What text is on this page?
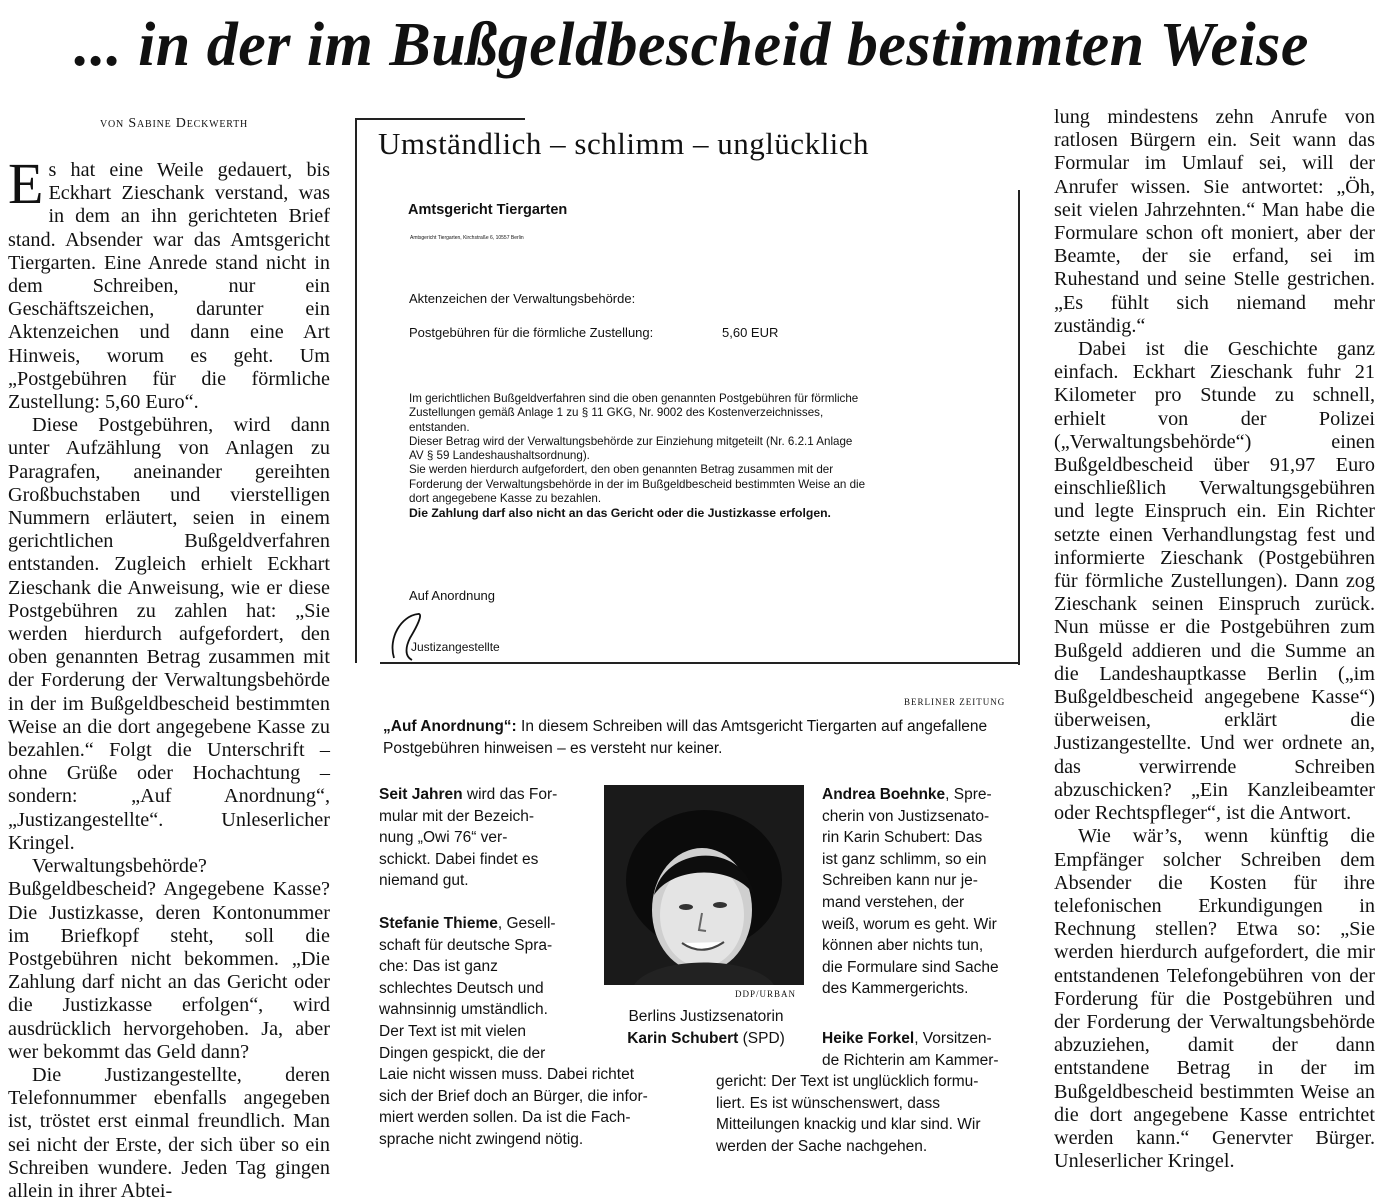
... in der im Bußgeldbescheid bestimmten Weise
von Sabine Deckwerth

Es hat eine Weile gedauert, bis Eckhart Zieschank verstand, was in dem an ihn gerichteten Brief stand. Absender war das Amtsgericht Tiergarten. Eine Anrede stand nicht in dem Schreiben, nur ein Geschäftszeichen, darunter ein Aktenzeichen und dann eine Art Hinweis, worum es geht. Um „Postgebühren für die förmliche Zustellung: 5,60 Euro“.

Diese Postgebühren, wird dann unter Aufzählung von Anlagen zu Paragrafen, aneinander gereihten Großbuchstaben und vierstelligen Nummern erläutert, seien in einem gerichtlichen Bußgeldverfahren entstanden. Zugleich erhielt Eckhart Zieschank die Anweisung, wie er diese Postgebühren zu zahlen hat: „Sie werden hierdurch aufgefordert, den oben genannten Betrag zusammen mit der Forderung der Verwaltungsbehörde in der im Bußgeldbescheid bestimmten Weise an die dort angegebene Kasse zu bezahlen.“ Folgt die Unterschrift – ohne Grüße oder Hochachtung – sondern: „Auf Anordnung“, „Justizangestellte“. Unleserlicher Kringel.

Verwaltungsbehörde? Bußgeldbescheid? Angegebene Kasse? Die Justizkasse, deren Kontonummer im Briefkopf steht, soll die Postgebühren nicht bekommen. „Die Zahlung darf nicht an das Gericht oder die Justizkasse erfolgen“, wird ausdrücklich hervorgehoben. Ja, aber wer bekommt das Geld dann?

Die Justizangestellte, deren Telefonnummer ebenfalls angegeben ist, tröstet erst einmal freundlich. Man sei nicht der Erste, der sich über so ein Schreiben wundere. Jeden Tag gingen allein in ihrer Abtei-

lung mindestens zehn Anrufe von ratlosen Bürgern ein. Seit wann das Formular im Umlauf sei, will der Anrufer wissen. Sie antwortet: „Öh, seit vielen Jahrzehnten.“ Man habe die Formulare schon oft moniert, aber der Beamte, der sie erfand, sei im Ruhestand und seine Stelle gestrichen. „Es fühlt sich niemand mehr zuständig.“

Dabei ist die Geschichte ganz einfach. Eckhart Zieschank fuhr 21 Kilometer pro Stunde zu schnell, erhielt von der Polizei („Verwaltungsbehörde“) einen Bußgeldbescheid über 91,97 Euro einschließlich Verwaltungsgebühren und legte Einspruch ein. Ein Richter setzte einen Verhandlungstag fest und informierte Zieschank (Postgebühren für förmliche Zustellungen). Dann zog Zieschank seinen Einspruch zurück. Nun müsse er die Postgebühren zum Bußgeld addieren und die Summe an die Landeshauptkasse Berlin („im Bußgeldbescheid angegebene Kasse“) überweisen, erklärt die Justizangestellte. Und wer ordnete an, das verwirrende Schreiben abzuschicken? „Ein Kanzleibeamter oder Rechtspfleger“, ist die Antwort.

Wie wär’s, wenn künftig die Empfänger solcher Schreiben dem Absender die Kosten für ihre telefonischen Erkundigungen in Rechnung stellen? Etwa so: „Sie werden hierdurch aufgefordert, die mir entstandenen Telefongebühren von der Forderung für die Postgebühren und der Forderung der Verwaltungsbehörde abzuziehen, damit der dann entstandene Betrag in der im Bußgeldbescheid bestimmten Weise an die dort angegebene Kasse entrichtet werden kann.“ Genervter Bürger. Unleserlicher Kringel.

Umständlich – schlimm – unglücklich
Amtsgericht Tiergarten
Amtsgericht Tiergarten, Kirchstraße 6, 10557 Berlin
Aktenzeichen der Verwaltungsbehörde:
Postgebühren für die förmliche Zustellung:	5,60 EUR
Im gerichtlichen Bußgeldverfahren sind die oben genannten Postgebühren für förmliche
Zustellungen gemäß Anlage 1 zu § 11 GKG, Nr. 9002 des Kostenverzeichnisses,
entstanden.
Dieser Betrag wird der Verwaltungsbehörde zur Einziehung mitgeteilt (Nr. 6.2.1 Anlage
AV § 59 Landeshaushaltsordnung).
Sie werden hierdurch aufgefordert, den oben genannten Betrag zusammen mit der
Forderung der Verwaltungsbehörde in der im Bußgeldbescheid bestimmten Weise an die
dort angegebene Kasse zu bezahlen.
Die Zahlung darf also nicht an das Gericht oder die Justizkasse erfolgen.
Auf Anordnung
Justizangestellte
BERLINER ZEITUNG
„Auf Anordnung“: In diesem Schreiben will das Amtsgericht Tiergarten auf angefallene Postgebühren hinweisen – es versteht nur keiner.
Seit Jahren wird das For-
mular mit der Bezeich-
nung „Owi 76“ ver-
schickt. Dabei findet es
niemand gut.
Stefanie Thieme, Gesell-
schaft für deutsche Spra-
che: Das ist ganz
schlechtes Deutsch und
wahnsinnig umständlich.
Der Text ist mit vielen
Dingen gespickt, die der
Laie nicht wissen muss. Dabei richtet
sich der Brief doch an Bürger, die infor-
miert werden sollen. Da ist die Fach-
sprache nicht zwingend nötig.
DDP/URBAN
Berlins Justizsenatorin
Karin Schubert (SPD)
Andrea Boehnke, Spre-
cherin von Justizsenato-
rin Karin Schubert: Das
ist ganz schlimm, so ein
Schreiben kann nur je-
mand verstehen, der
weiß, worum es geht. Wir
können aber nichts tun,
die Formulare sind Sache
des Kammergerichts.
Heike Forkel, Vorsitzen-
de Richterin am Kammer-
gericht: Der Text ist unglücklich formu-
liert. Es ist wünschenswert, dass
Mitteilungen knackig und klar sind. Wir
werden der Sache nachgehen.
